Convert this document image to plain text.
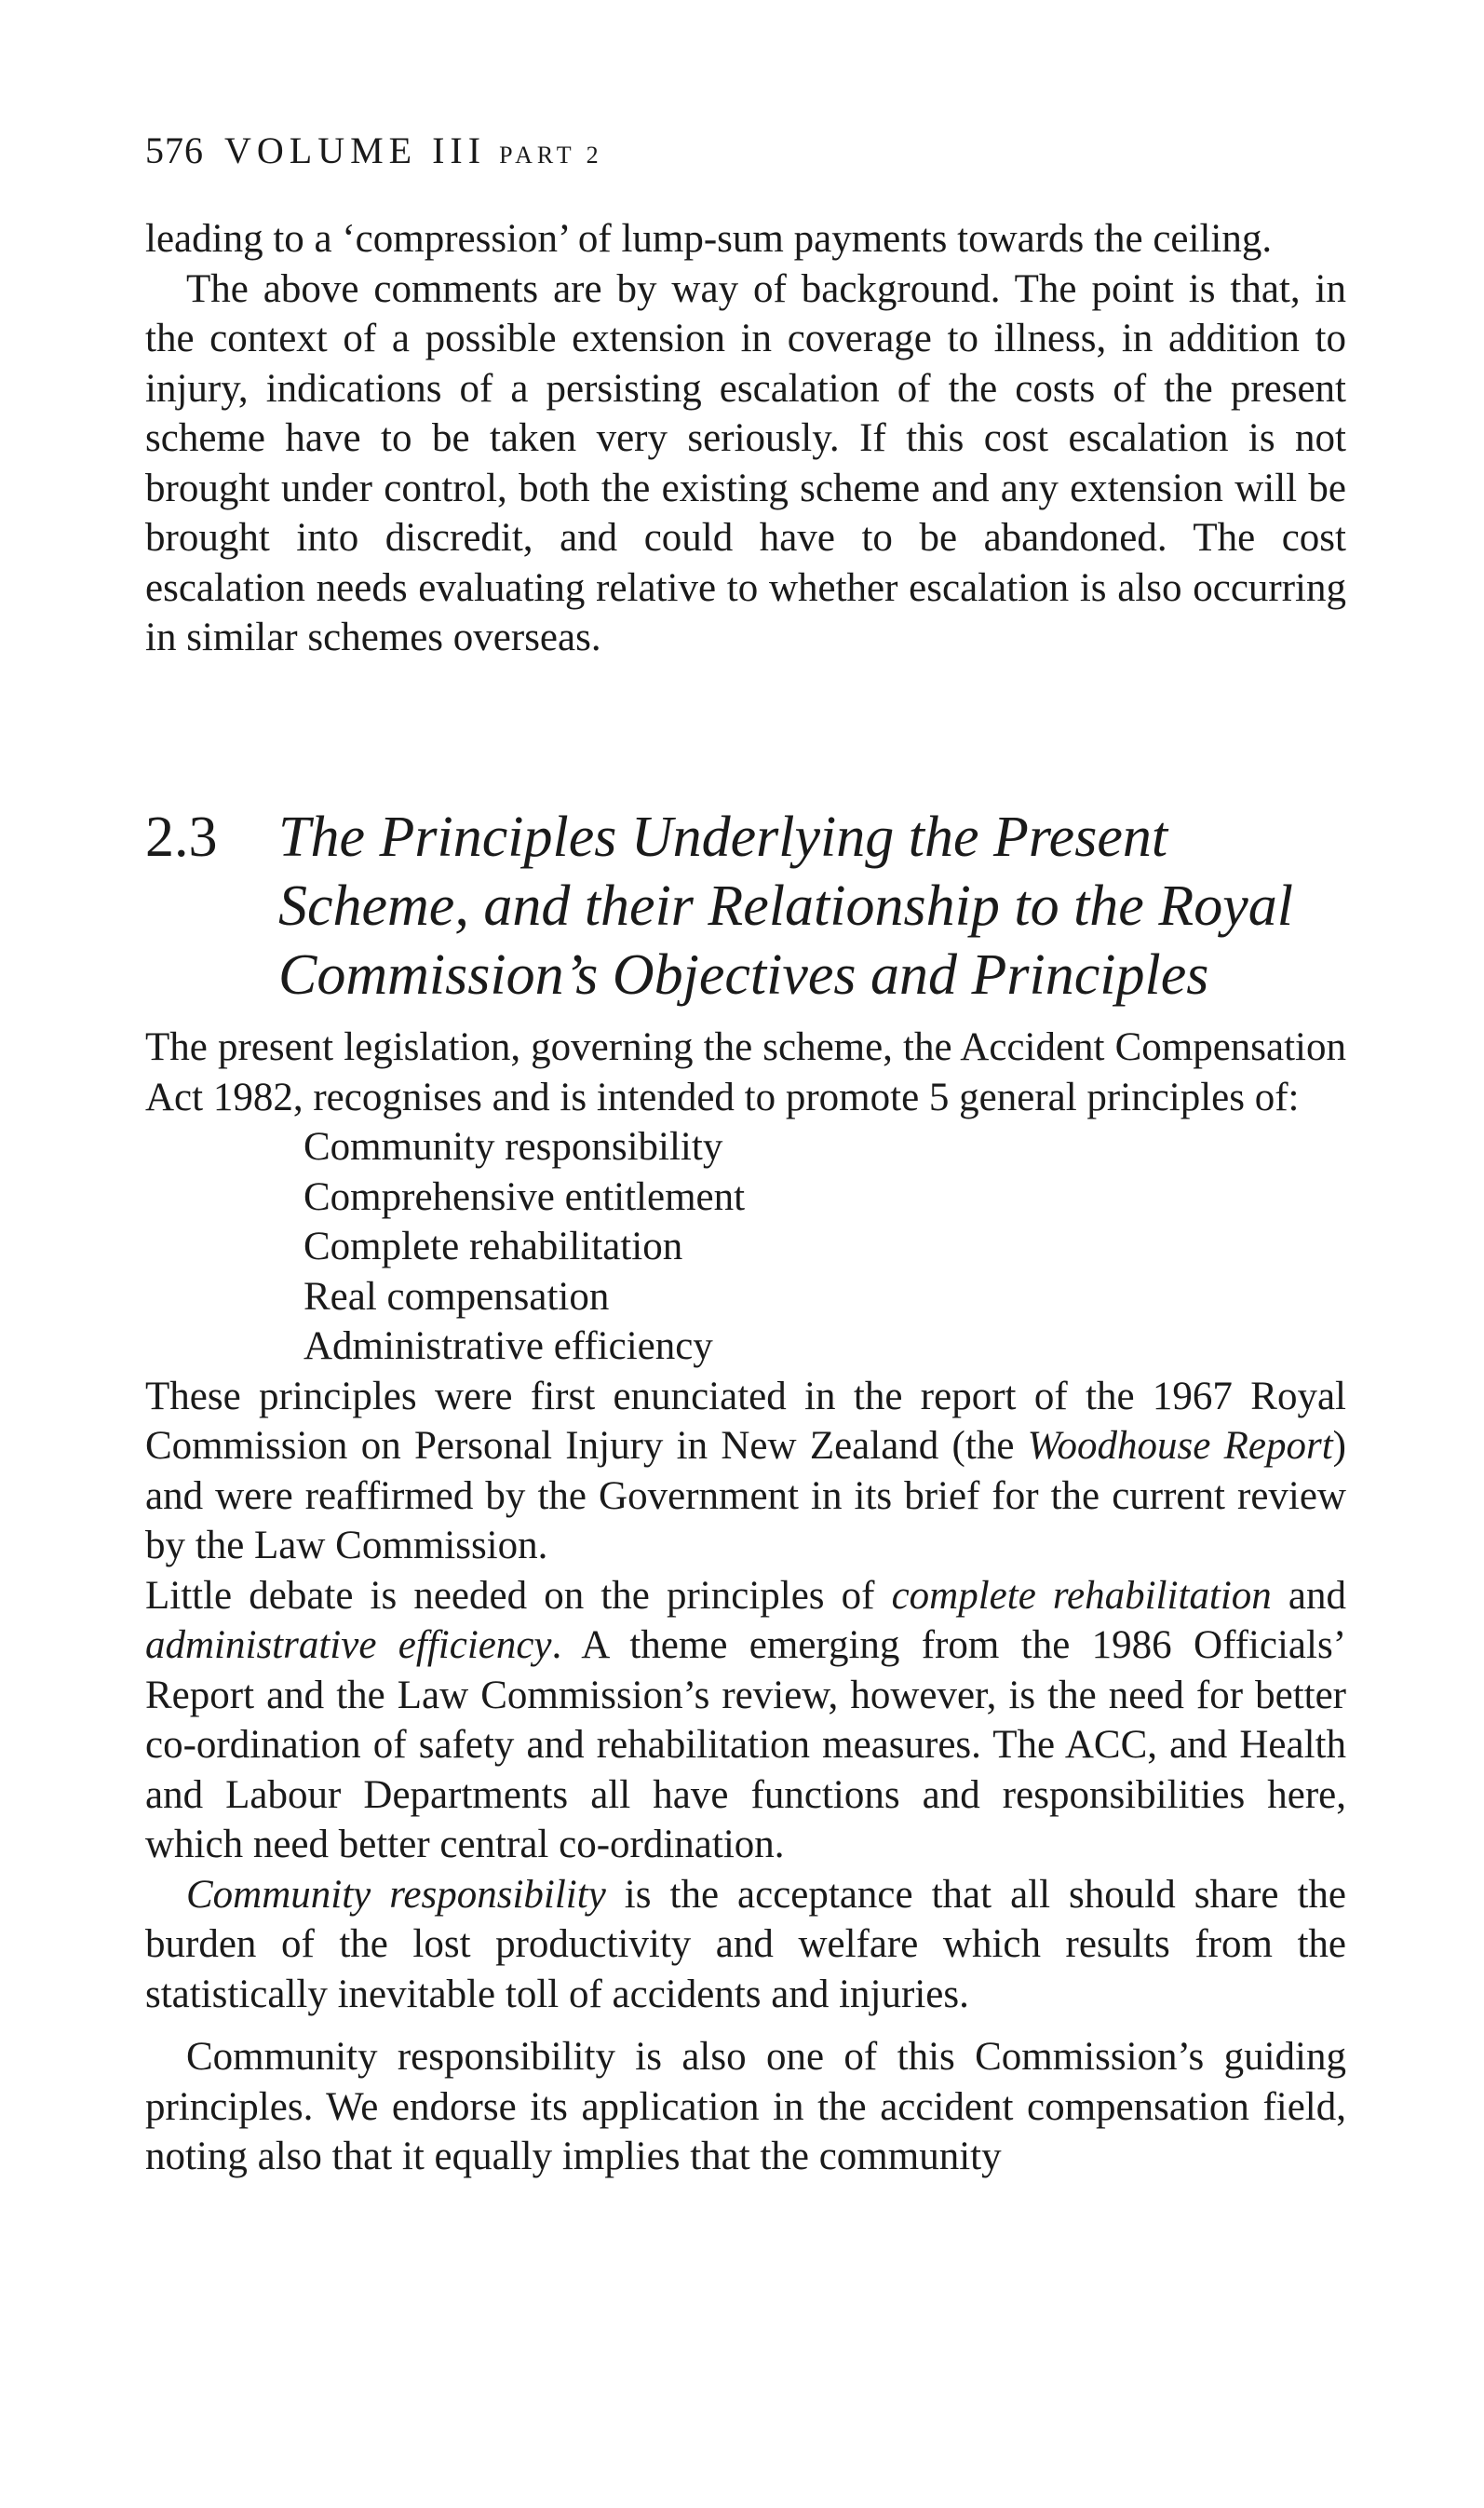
576 VOLUME III PART 2

leading to a ‘compression’ of lump-sum payments towards the ceiling.

The above comments are by way of background. The point is that, in the context of a possible extension in coverage to illness, in addition to injury, indications of a persisting escalation of the costs of the present scheme have to be taken very seriously. If this cost escalation is not brought under control, both the existing scheme and any extension will be brought into discredit, and could have to be abandoned. The cost escalation needs evaluating relative to whether escalation is also occurring in similar schemes overseas.

2.3 The Principles Underlying the Present Scheme, and their Relationship to the Royal Commission’s Objectives and Principles

The present legislation, governing the scheme, the Accident Compensation Act 1982, recognises and is intended to promote 5 general principles of:

Community responsibility
Comprehensive entitlement
Complete rehabilitation
Real compensation
Administrative efficiency

These principles were first enunciated in the report of the 1967 Royal Commission on Personal Injury in New Zealand (the Woodhouse Report) and were reaffirmed by the Government in its brief for the current review by the Law Commission.

Little debate is needed on the principles of complete rehabilitation and administrative efficiency. A theme emerging from the 1986 Officials’ Report and the Law Commission’s review, however, is the need for better co-ordination of safety and rehabilitation measures. The ACC, and Health and Labour Departments all have functions and responsibilities here, which need better central co-ordination.

Community responsibility is the acceptance that all should share the burden of the lost productivity and welfare which results from the statistically inevitable toll of accidents and injuries.

Community responsibility is also one of this Commission’s guiding principles. We endorse its application in the accident compensation field, noting also that it equally implies that the community
